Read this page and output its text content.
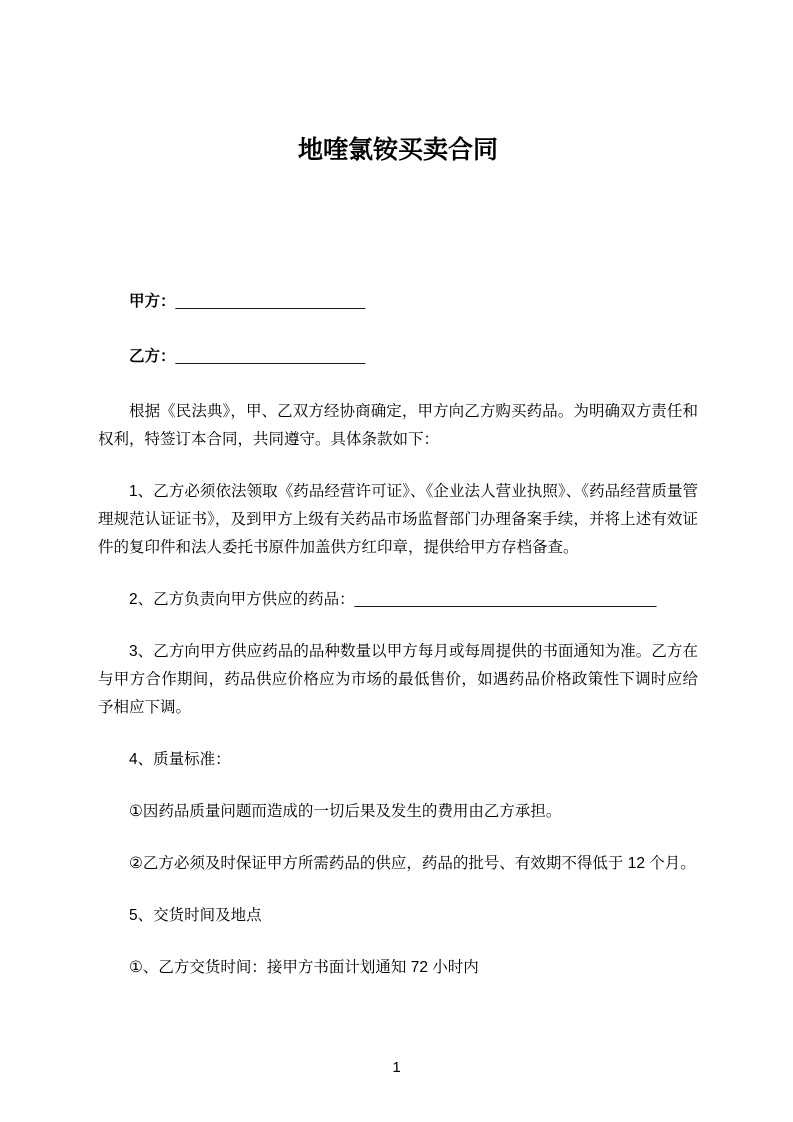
地喹氯铵买卖合同

甲方：______________________

乙方：______________________

根据《民法典》，甲、乙双方经协商确定，甲方向乙方购买药品。为明确双方责任和权利，特签订本合同，共同遵守。具体条款如下：

1、乙方必须依法领取《药品经营许可证》、《企业法人营业执照》、《药品经营质量管理规范认证证书》，及到甲方上级有关药品市场监督部门办理备案手续，并将上述有效证件的复印件和法人委托书原件加盖供方红印章，提供给甲方存档备查。

2、乙方负责向甲方供应的药品：___________________________________

3、乙方向甲方供应药品的品种数量以甲方每月或每周提供的书面通知为准。乙方在与甲方合作期间，药品供应价格应为市场的最低售价，如遇药品价格政策性下调时应给予相应下调。

4、质量标准：

①因药品质量问题而造成的一切后果及发生的费用由乙方承担。

②乙方必须及时保证甲方所需药品的供应，药品的批号、有效期不得低于 12 个月。

5、交货时间及地点

①、乙方交货时间：接甲方书面计划通知 72 小时内

1
